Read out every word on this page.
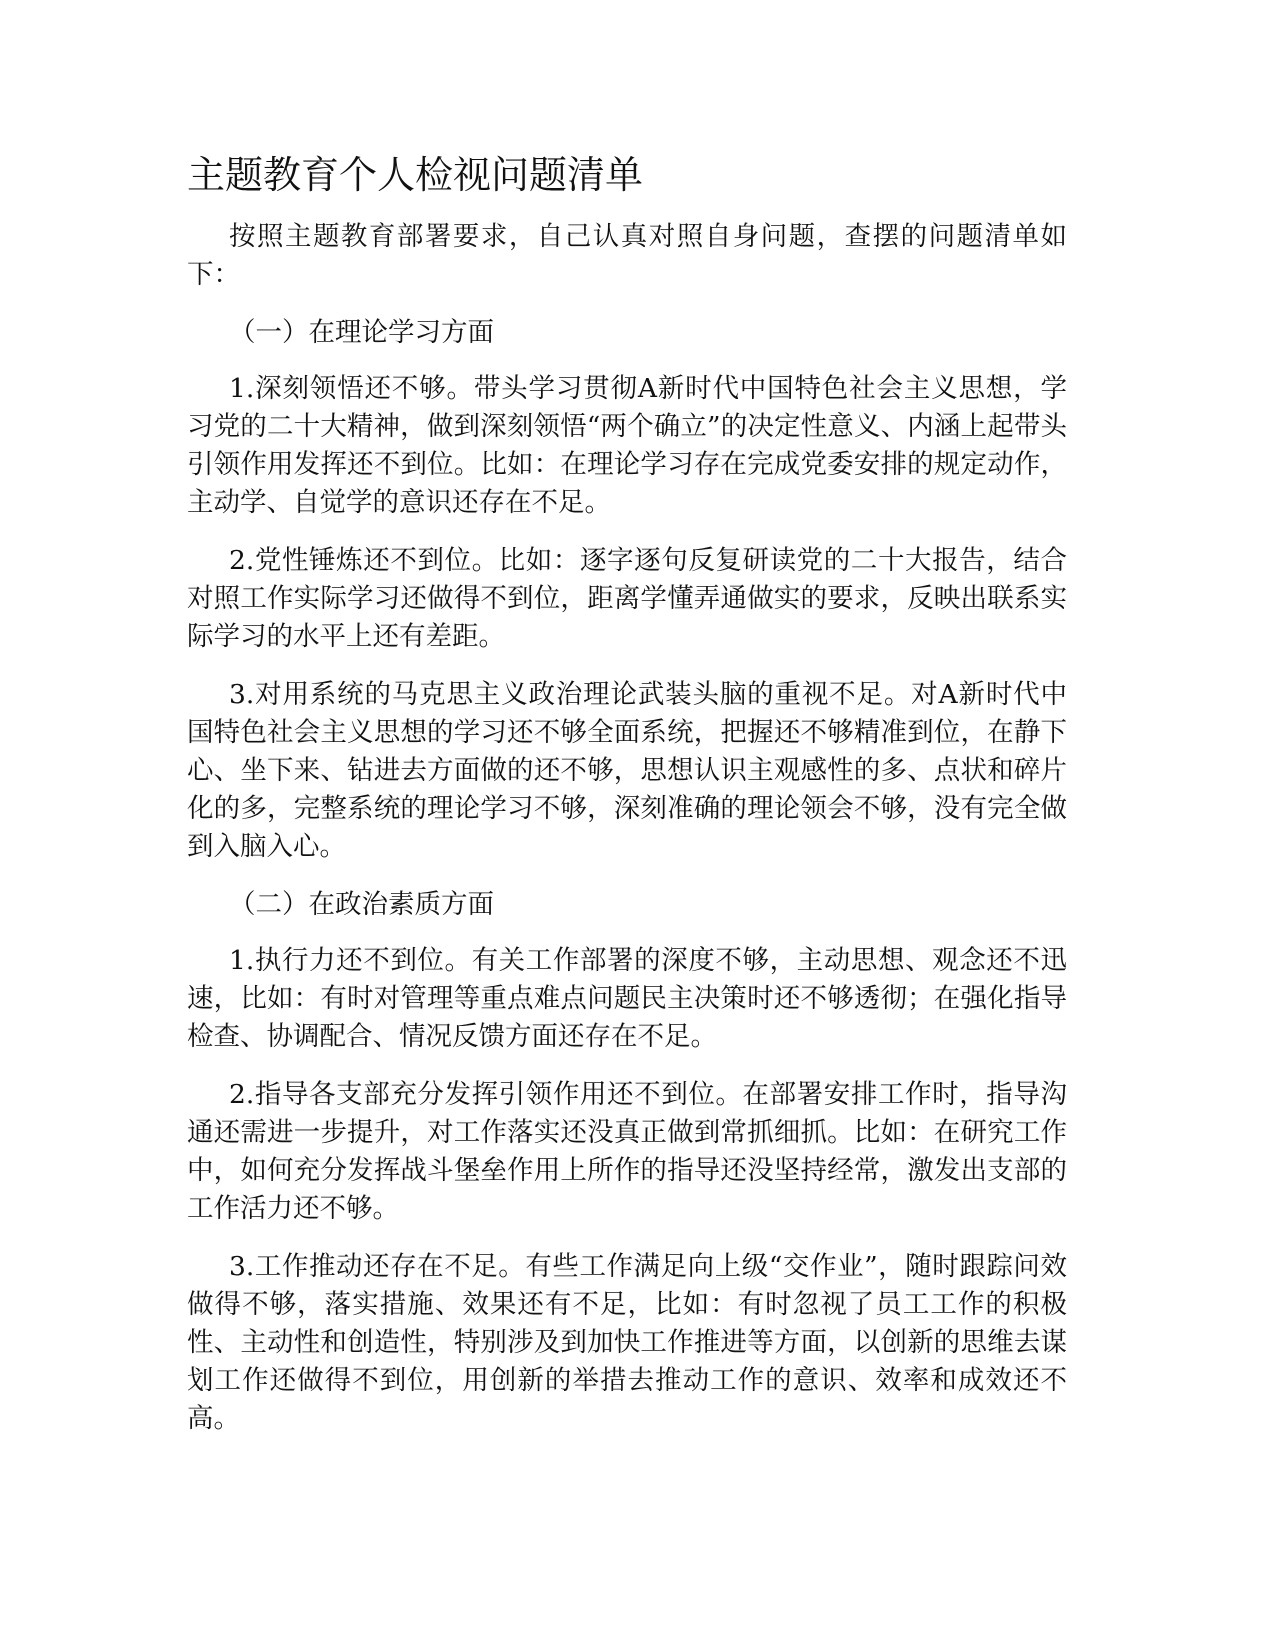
主题教育个人检视问题清单

按照主题教育部署要求，自己认真对照自身问题，查摆的问题清单如下：

（一）在理论学习方面

1.深刻领悟还不够。带头学习贯彻A新时代中国特色社会主义思想，学习党的二十大精神，做到深刻领悟“两个确立”的决定性意义、内涵上起带头引领作用发挥还不到位。比如：在理论学习存在完成党委安排的规定动作，主动学、自觉学的意识还存在不足。

2.党性锤炼还不到位。比如：逐字逐句反复研读党的二十大报告，结合对照工作实际学习还做得不到位，距离学懂弄通做实的要求，反映出联系实际学习的水平上还有差距。

3.对用系统的马克思主义政治理论武装头脑的重视不足。对A新时代中国特色社会主义思想的学习还不够全面系统，把握还不够精准到位，在静下心、坐下来、钻进去方面做的还不够，思想认识主观感性的多、点状和碎片化的多，完整系统的理论学习不够，深刻准确的理论领会不够，没有完全做到入脑入心。

（二）在政治素质方面

1.执行力还不到位。有关工作部署的深度不够，主动思想、观念还不迅速，比如：有时对管理等重点难点问题民主决策时还不够透彻；在强化指导检查、协调配合、情况反馈方面还存在不足。

2.指导各支部充分发挥引领作用还不到位。在部署安排工作时，指导沟通还需进一步提升，对工作落实还没真正做到常抓细抓。比如：在研究工作中，如何充分发挥战斗堡垒作用上所作的指导还没坚持经常，激发出支部的工作活力还不够。

3.工作推动还存在不足。有些工作满足向上级“交作业”，随时跟踪问效做得不够，落实措施、效果还有不足，比如：有时忽视了员工工作的积极性、主动性和创造性，特别涉及到加快工作推进等方面，以创新的思维去谋划工作还做得不到位，用创新的举措去推动工作的意识、效率和成效还不高。
